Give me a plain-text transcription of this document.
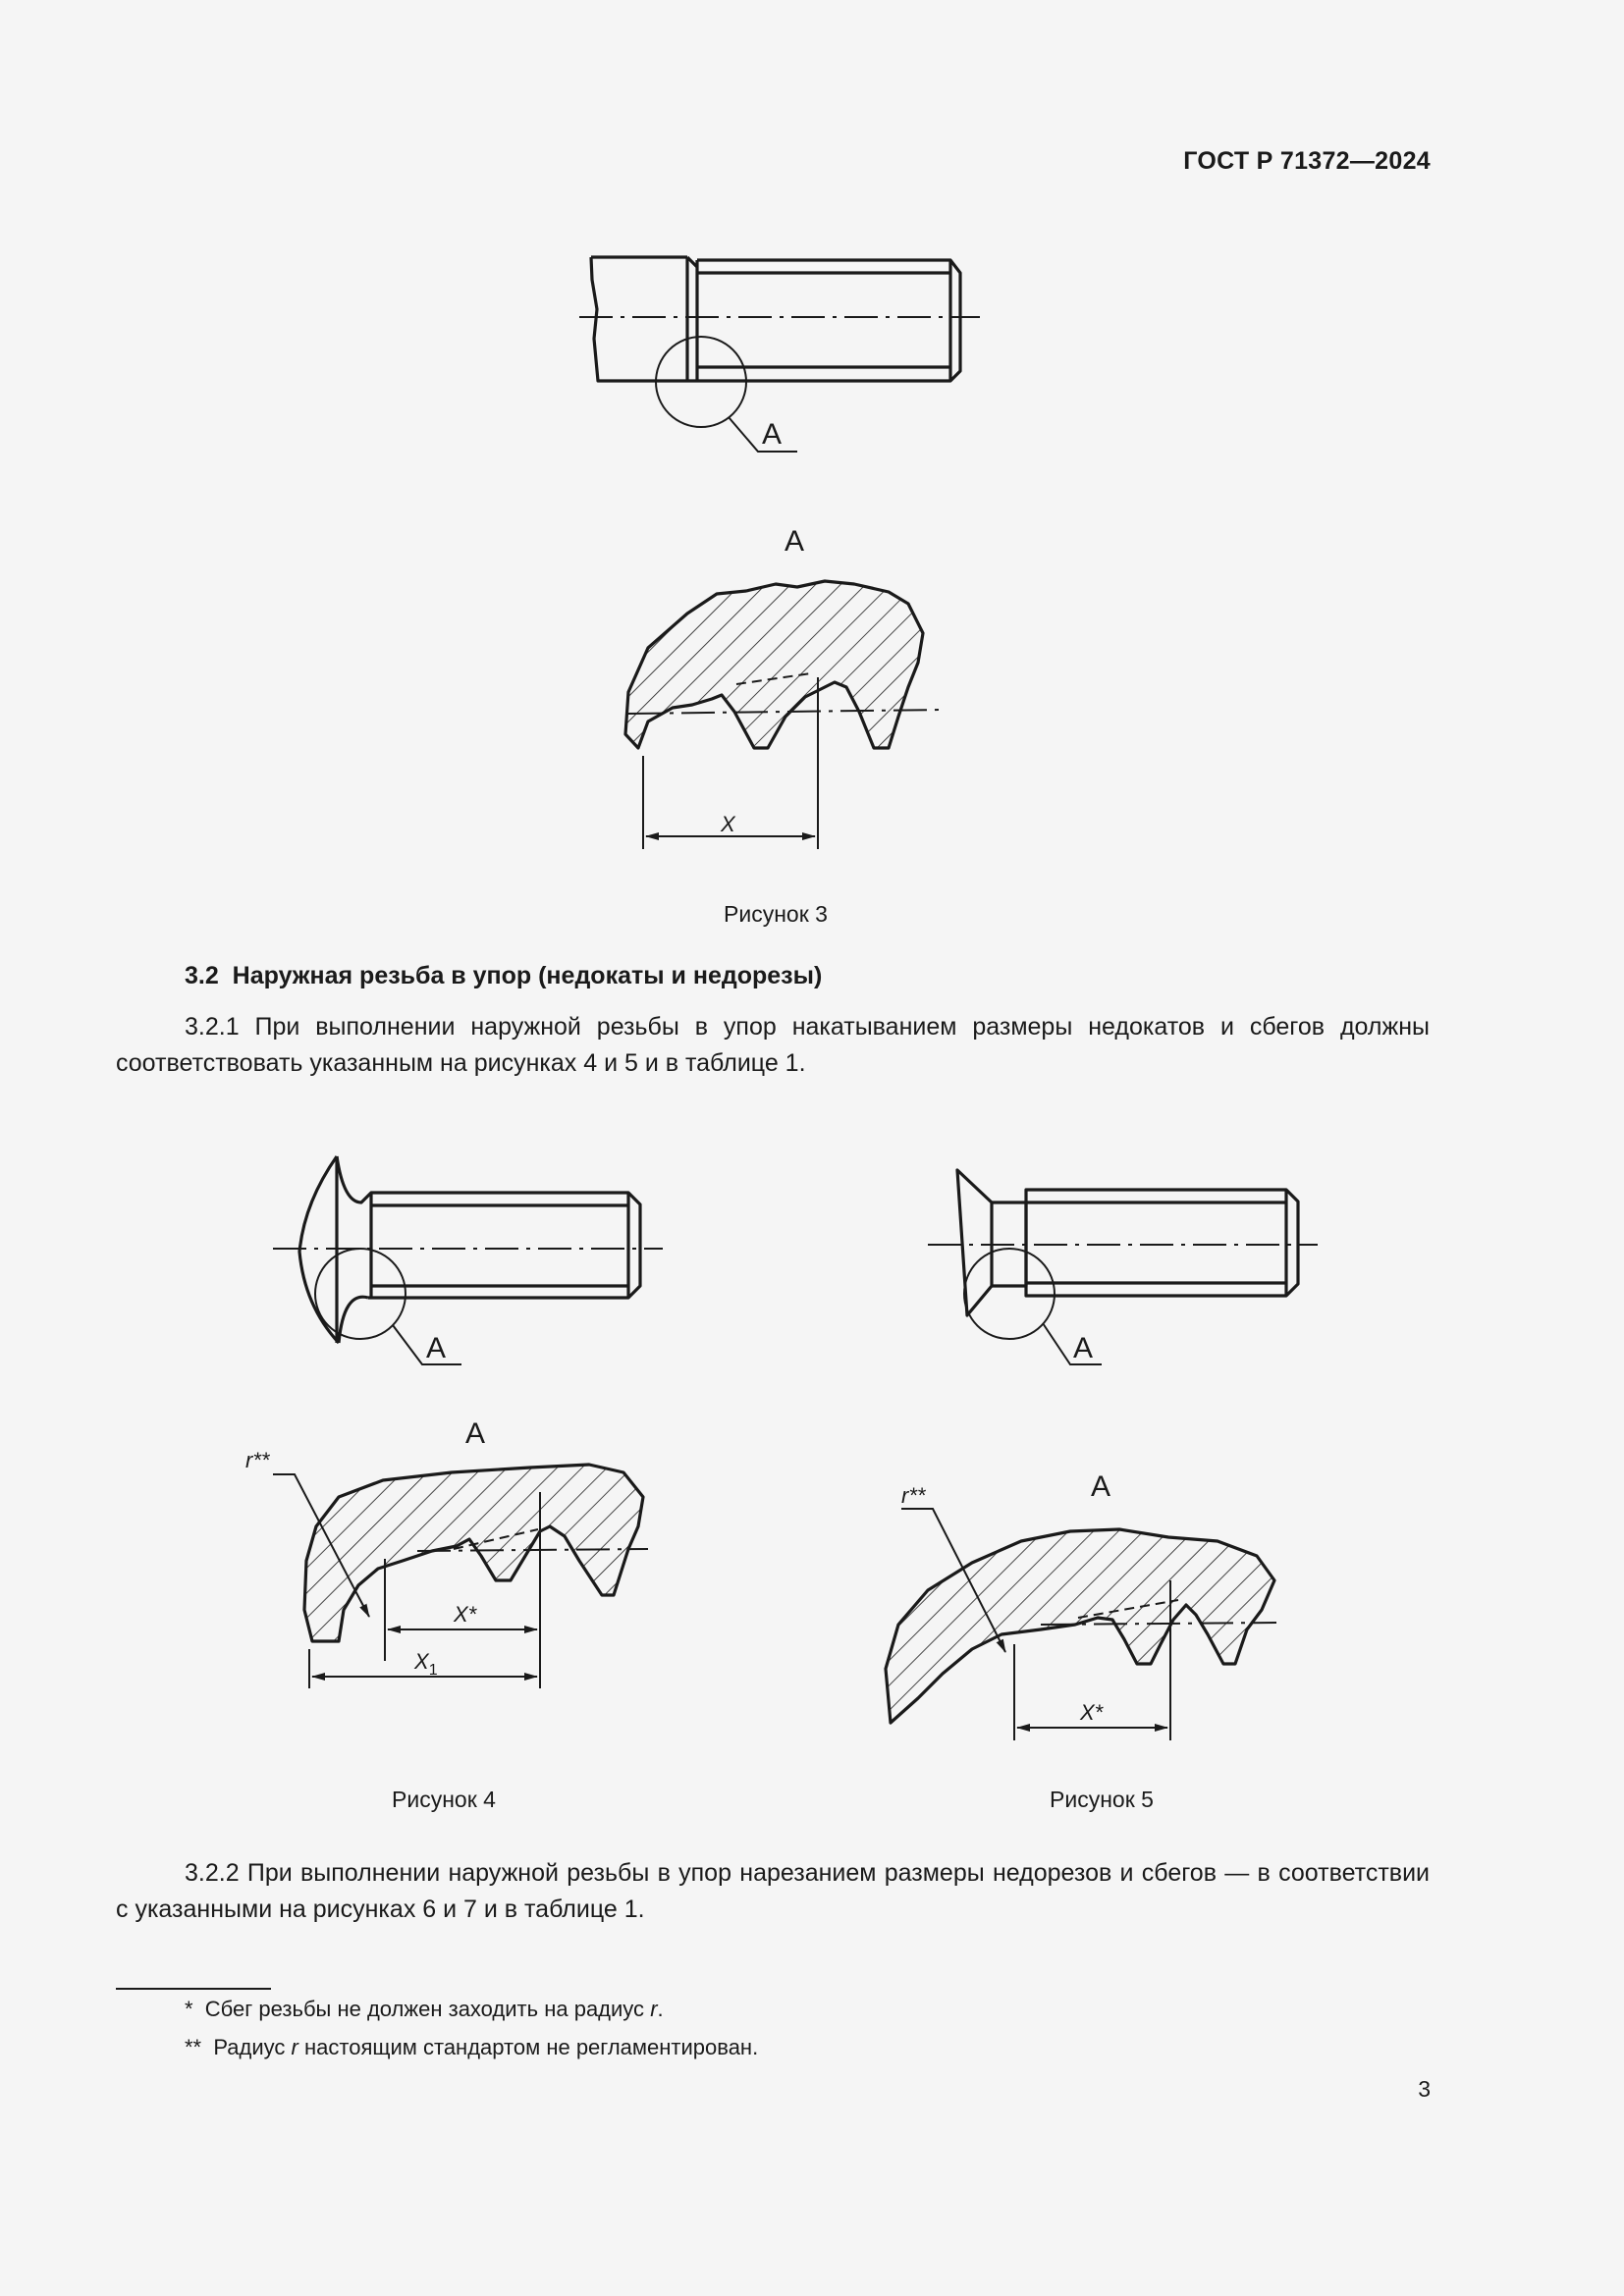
ГОСТ Р 71372—2024
А
А
X
А
А
r**
X*
$X_1$
А
А
r**
X*
Рисунок 3
Рисунок 4	Рисунок 5
3.2 Наружная резьба в упор (недокаты и недорезы)
3.2.1 При выполнении наружной резьбы в упор накатыванием размеры недокатов и сбегов должны соответствовать указанным на рисунках 4 и 5 и в таблице 1.
3.2.2 При выполнении наружной резьбы в упор нарезанием размеры недорезов и сбегов — в соответствии с указанными на рисунках 6 и 7 и в таблице 1.
* Сбег резьбы не должен заходить на радиус r.
** Радиус r настоящим стандартом не регламентирован.
3
